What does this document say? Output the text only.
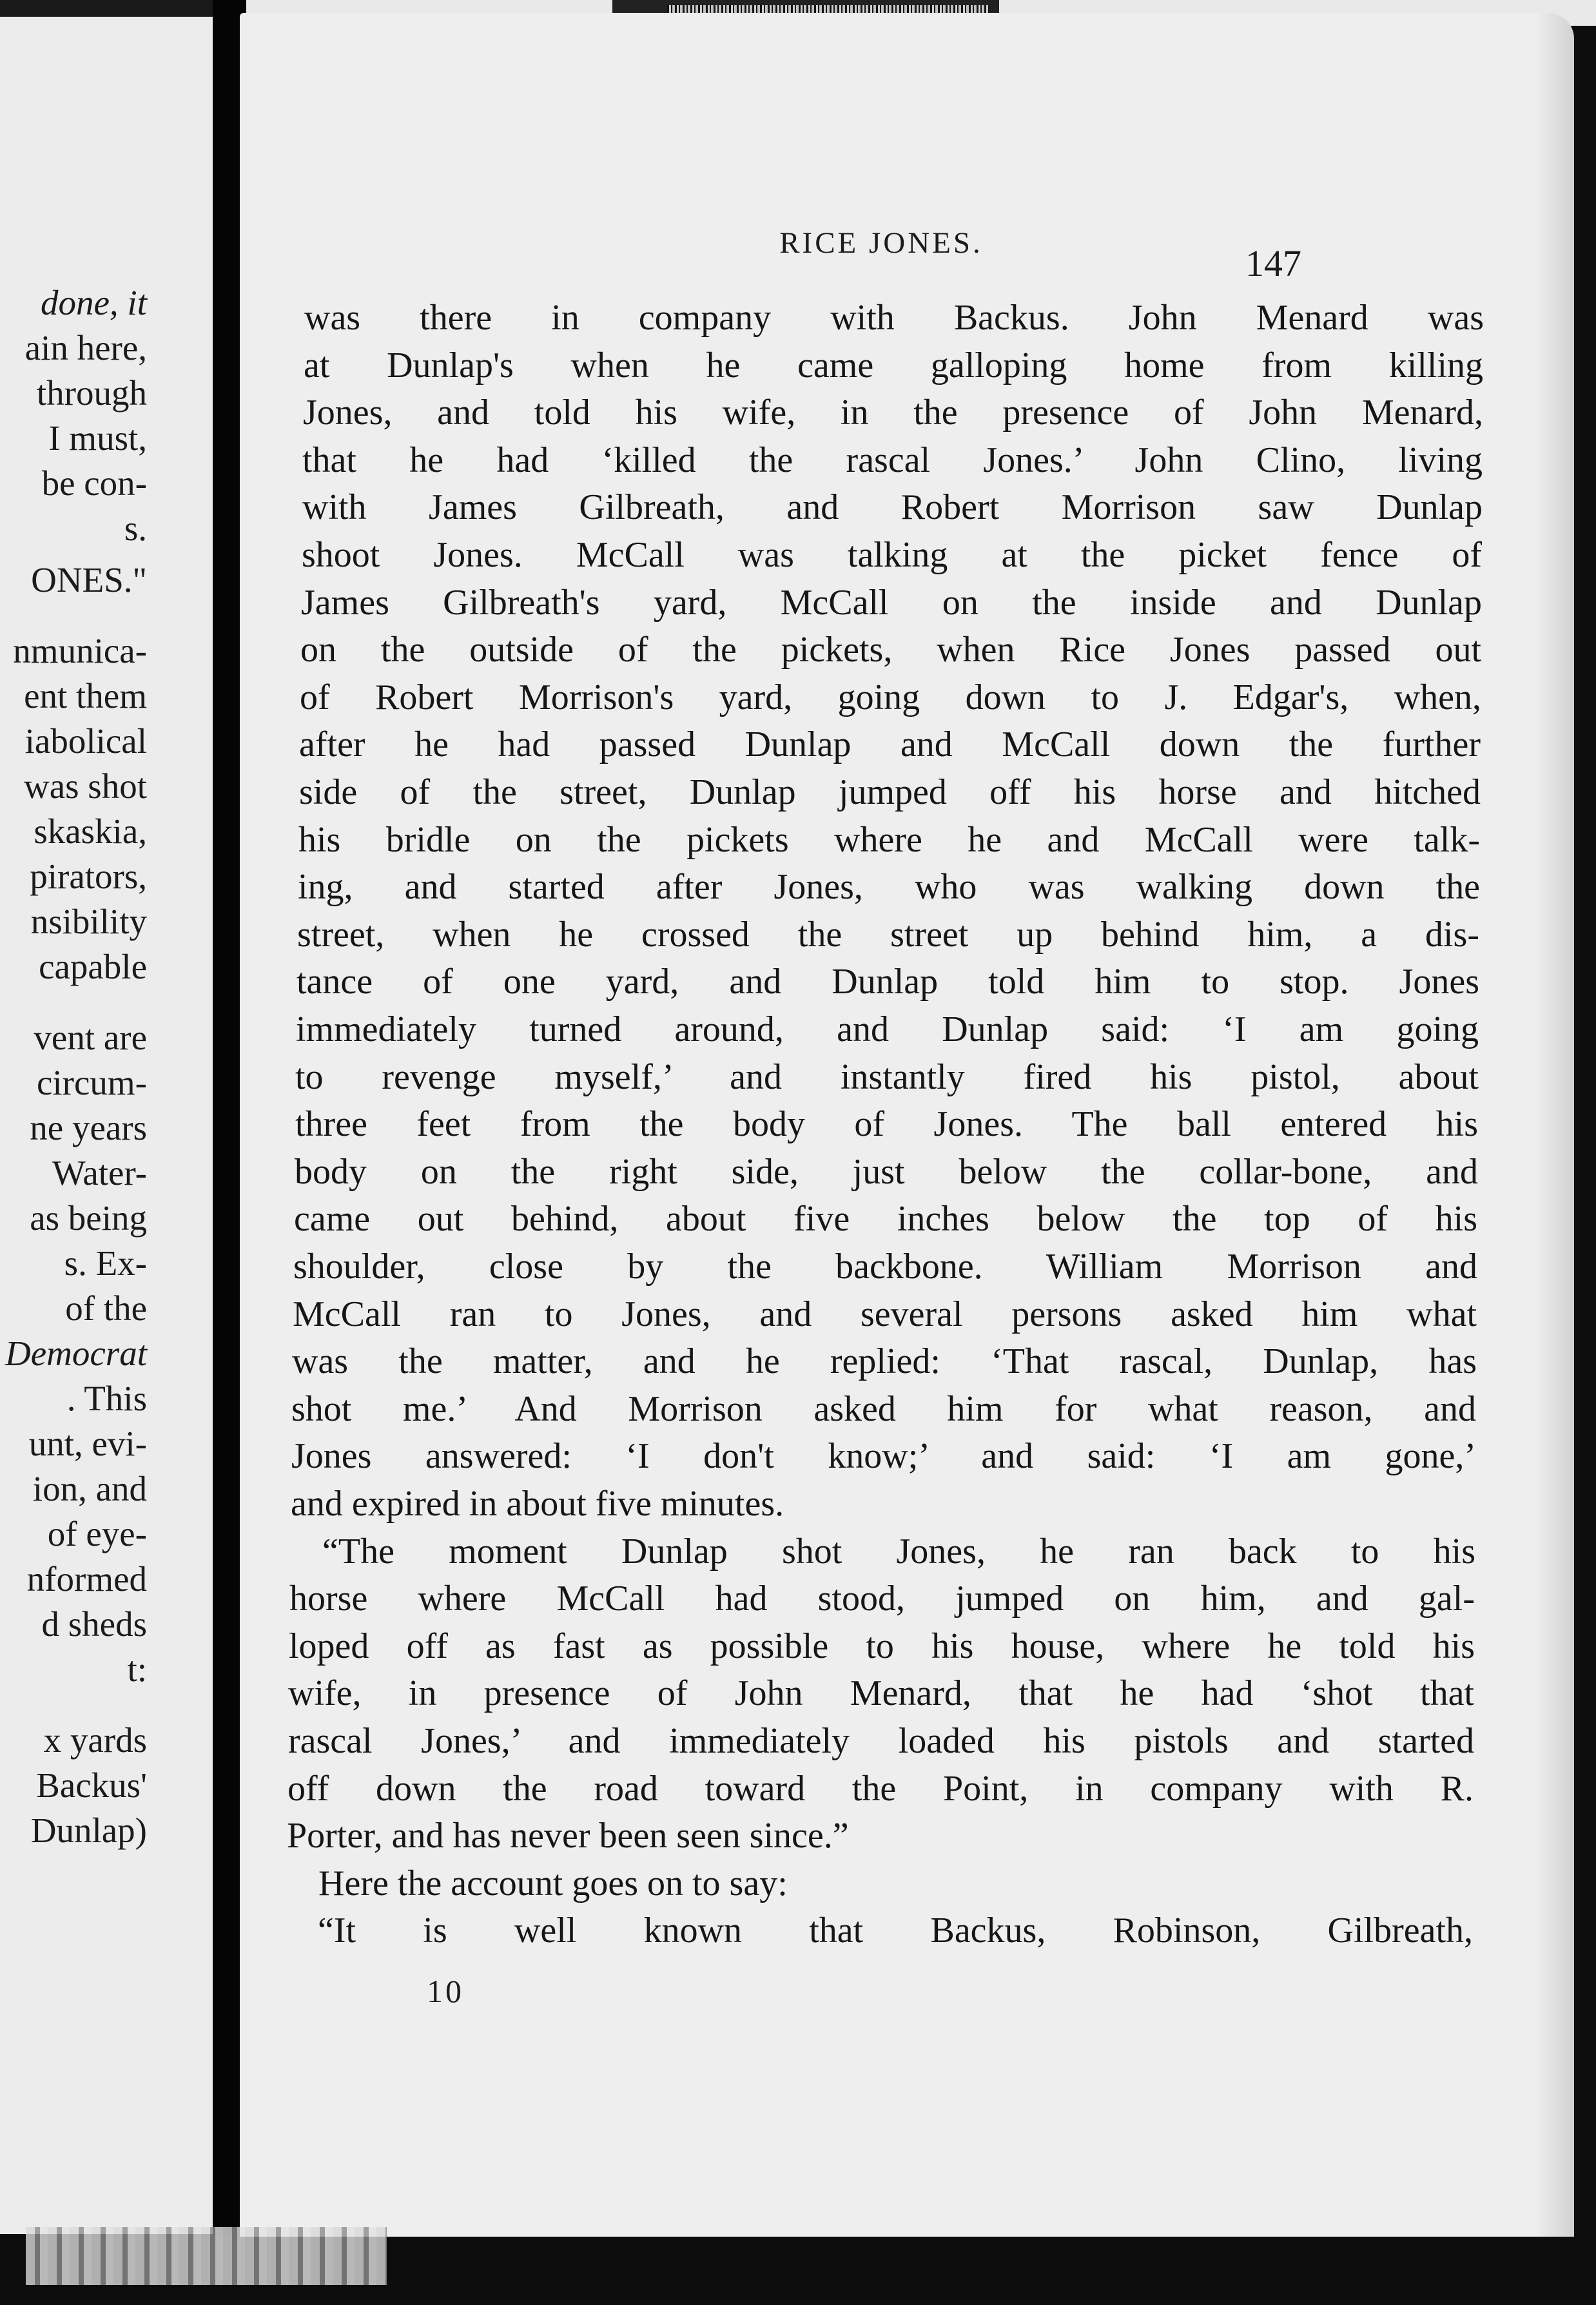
done, it
ain here,
through
I must,
be con-
s.
ONES."
nmunica-
ent them
iabolical
was shot
skaskia,
pirators,
nsibility
capable
vent are
circum-
ne years
Water-
as being
s. Ex-
of the
Democrat
. This
unt, evi-
ion, and
of eye-
nformed
d sheds
t:
x yards
Backus'
Dunlap)
RICE JONES.	147
was there in company with Backus. John Menard was
at Dunlap's when he came galloping home from killing
Jones, and told his wife, in the presence of John Menard,
that he had ‘killed the rascal Jones.’ John Clino, living
with James Gilbreath, and Robert Morrison saw Dunlap
shoot Jones. McCall was talking at the picket fence of
James Gilbreath's yard, McCall on the inside and Dunlap
on the outside of the pickets, when Rice Jones passed out
of Robert Morrison's yard, going down to J. Edgar's, when,
after he had passed Dunlap and McCall down the further
side of the street, Dunlap jumped off his horse and hitched
his bridle on the pickets where he and McCall were talk-
ing, and started after Jones, who was walking down the
street, when he crossed the street up behind him, a dis-
tance of one yard, and Dunlap told him to stop. Jones
immediately turned around, and Dunlap said: ‘I am going
to revenge myself,’ and instantly fired his pistol, about
three feet from the body of Jones. The ball entered his
body on the right side, just below the collar-bone, and
came out behind, about five inches below the top of his
shoulder, close by the backbone. William Morrison and
McCall ran to Jones, and several persons asked him what
was the matter, and he replied: ‘That rascal, Dunlap, has
shot me.’ And Morrison asked him for what reason, and
Jones answered: ‘I don't know;’ and said: ‘I am gone,’
and expired in about five minutes.
“The moment Dunlap shot Jones, he ran back to his
horse where McCall had stood, jumped on him, and gal-
loped off as fast as possible to his house, where he told his
wife, in presence of John Menard, that he had ‘shot that
rascal Jones,’ and immediately loaded his pistols and started
off down the road toward the Point, in company with R.
Porter, and has never been seen since.”
Here the account goes on to say:
“It is well known that Backus, Robinson, Gilbreath,
10
